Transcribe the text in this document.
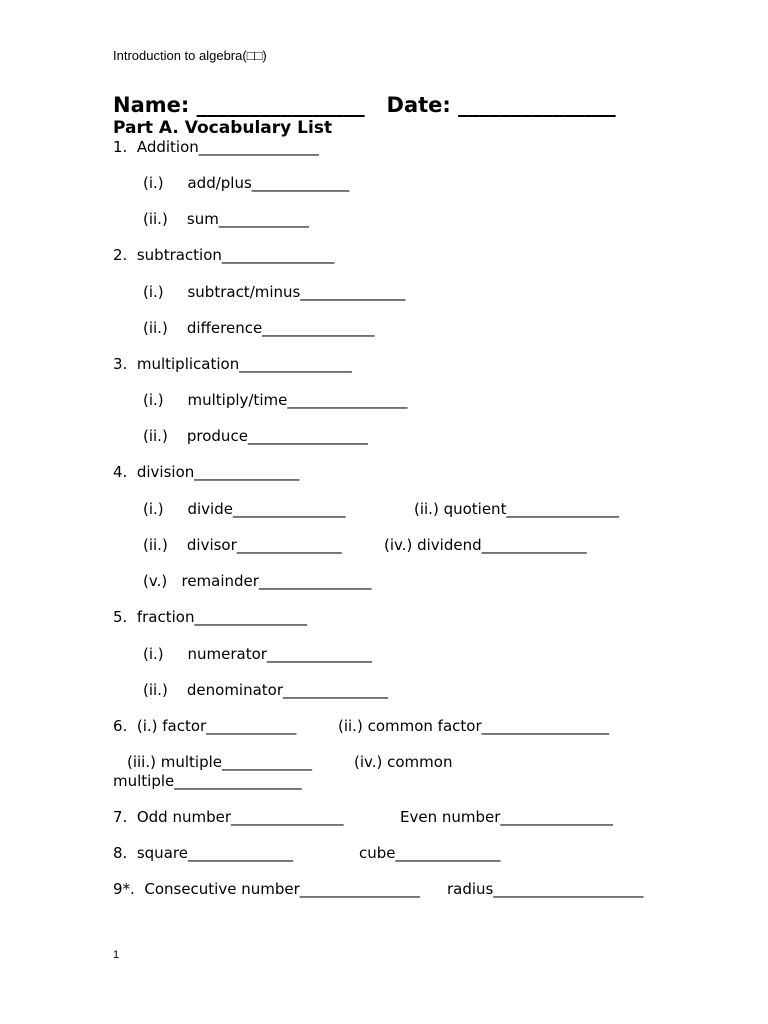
Introduction to algebra(□□)
Name: ________________   Date: _______________
Part A. Vocabulary List
1.  Addition________________
(i.)     add/plus_____________
(ii.)    sum____________
2.  subtraction_______________
(i.)     subtract/minus______________
(ii.)    difference_______________
3.  multiplication_______________
(i.)     multiply/time________________
(ii.)    produce________________
4.  division______________
(i.)     divide_______________	(ii.) quotient_______________
(ii.)    divisor______________	(iv.) dividend______________
(v.)   remainder_______________
5.  fraction_______________
(i.)     numerator______________
(ii.)    denominator______________
6.  (i.) factor____________	(ii.) common factor_________________
(iii.) multiple____________	(iv.) common
multiple_________________
7.  Odd number_______________	Even number_______________
8.  square______________	cube______________
9*.  Consecutive number________________ radius____________________
1
